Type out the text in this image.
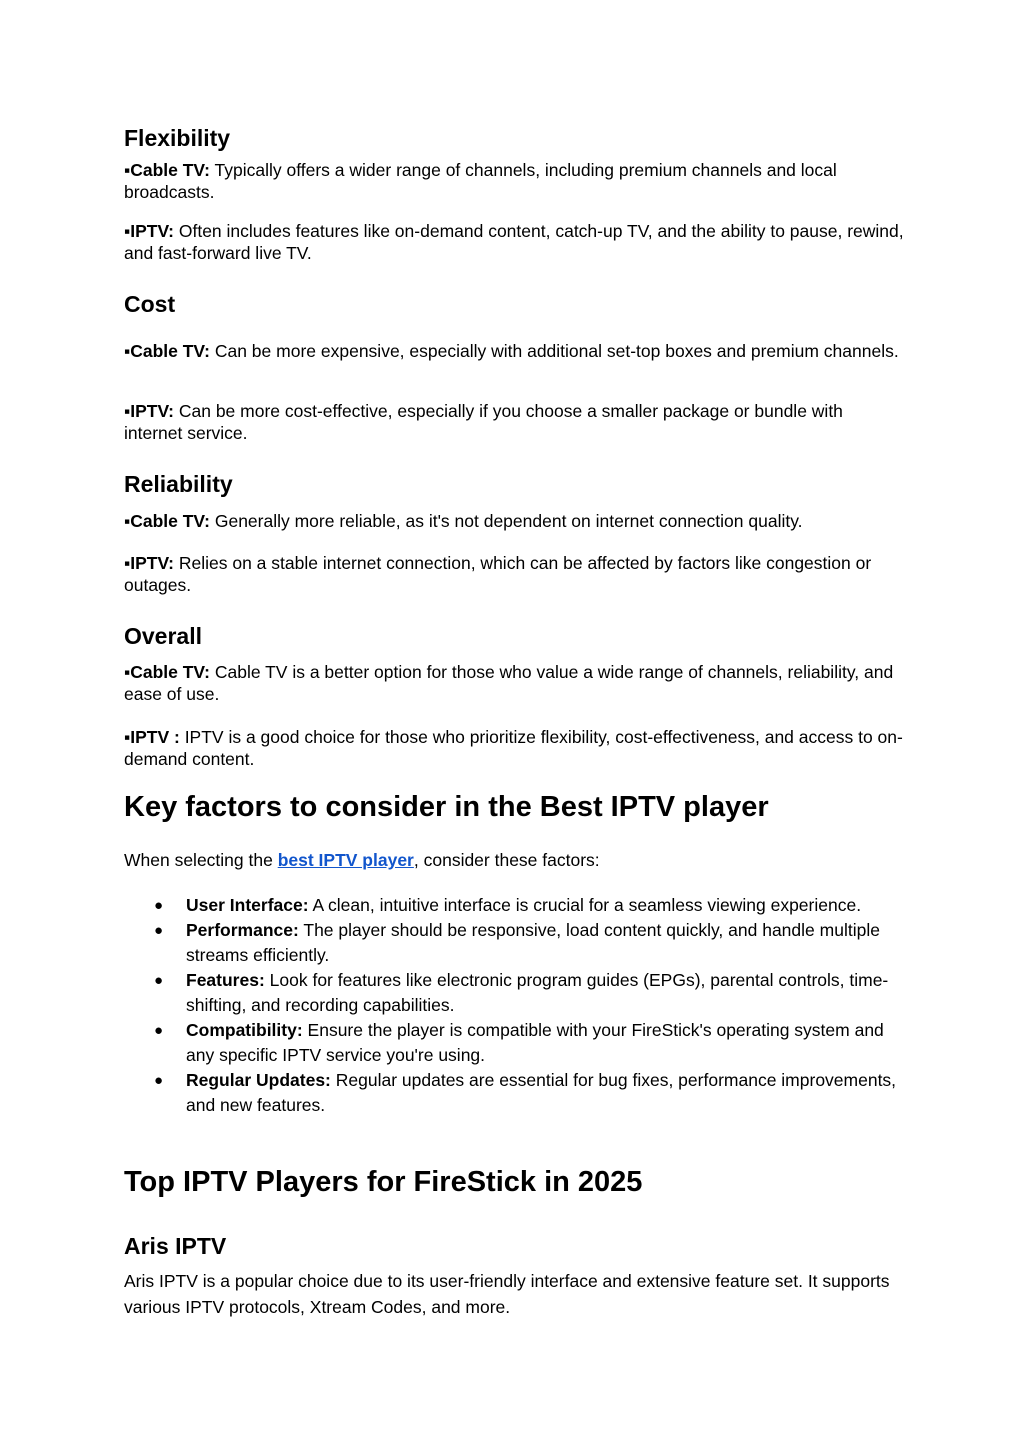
Flexibility

▪Cable TV: Typically offers a wider range of channels, including premium channels and local broadcasts.

▪IPTV: Often includes features like on-demand content, catch-up TV, and the ability to pause, rewind, and fast-forward live TV.

Cost

▪Cable TV: Can be more expensive, especially with additional set-top boxes and premium channels.

▪IPTV: Can be more cost-effective, especially if you choose a smaller package or bundle with internet service.

Reliability

▪Cable TV: Generally more reliable, as it's not dependent on internet connection quality.

▪IPTV: Relies on a stable internet connection, which can be affected by factors like congestion or outages.

Overall

▪Cable TV: Cable TV is a better option for those who value a wide range of channels, reliability, and ease of use.

▪IPTV : IPTV is a good choice for those who prioritize flexibility, cost-effectiveness, and access to on-demand content.

Key factors to consider in the Best IPTV player

When selecting the best IPTV player, consider these factors:

● User Interface: A clean, intuitive interface is crucial for a seamless viewing experience.
● Performance: The player should be responsive, load content quickly, and handle multiple streams efficiently.
● Features: Look for features like electronic program guides (EPGs), parental controls, time-shifting, and recording capabilities.
● Compatibility: Ensure the player is compatible with your FireStick's operating system and any specific IPTV service you're using.
● Regular Updates: Regular updates are essential for bug fixes, performance improvements, and new features.
Top IPTV Players for FireStick in 2025
Aris IPTV

Aris IPTV is a popular choice due to its user-friendly interface and extensive feature set. It supports various IPTV protocols, Xtream Codes, and more.
